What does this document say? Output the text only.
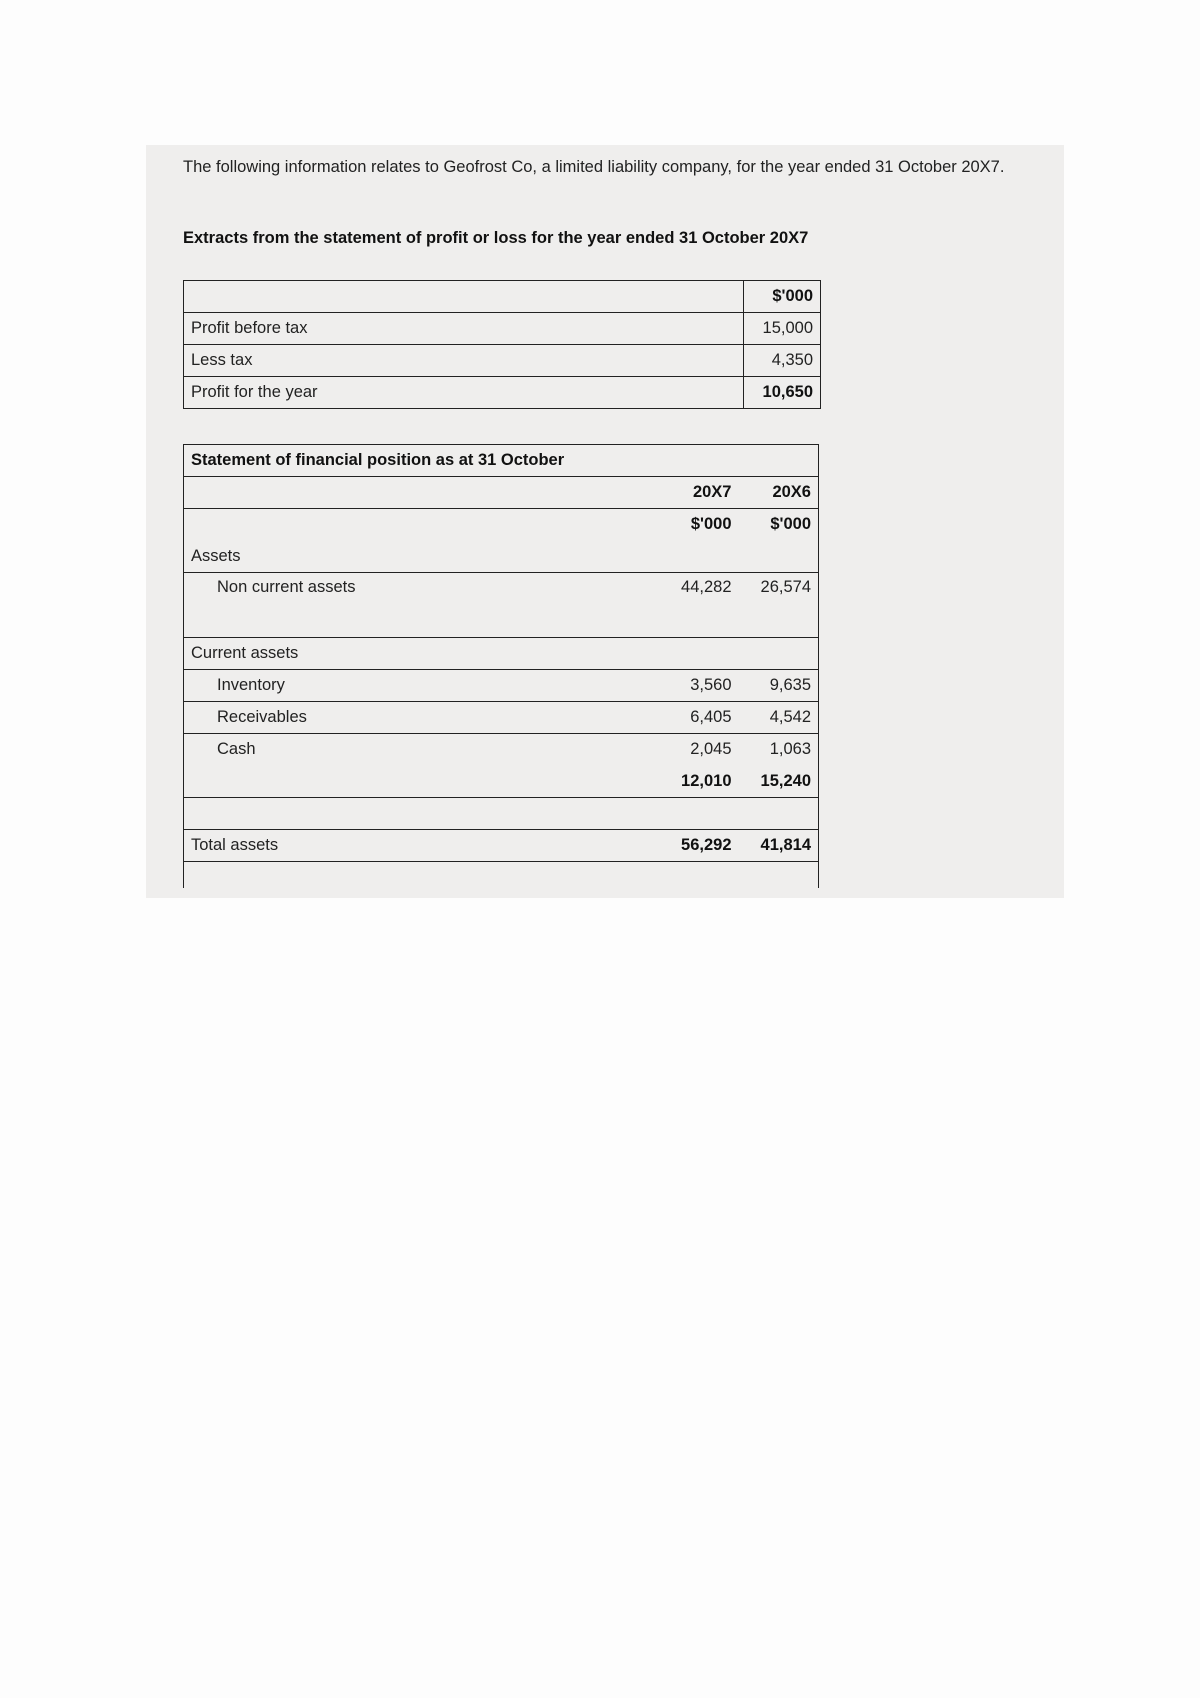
The following information relates to Geofrost Co, a limited liability company, for the year ended 31 October 20X7.
Extracts from the statement of profit or loss for the year ended 31 October 20X7
	$'000
Profit before tax	15,000
Less tax	4,350
Profit for the year	10,650
Statement of financial position as at 31 October		
	20X7	20X6
	$'000	$'000
Assets		
Non current assets	44,282	26,574
Current assets		
Inventory	3,560	9,635
Receivables	6,405	4,542
Cash	2,045	1,063
	12,010	15,240

Total assets	56,292	41,814
